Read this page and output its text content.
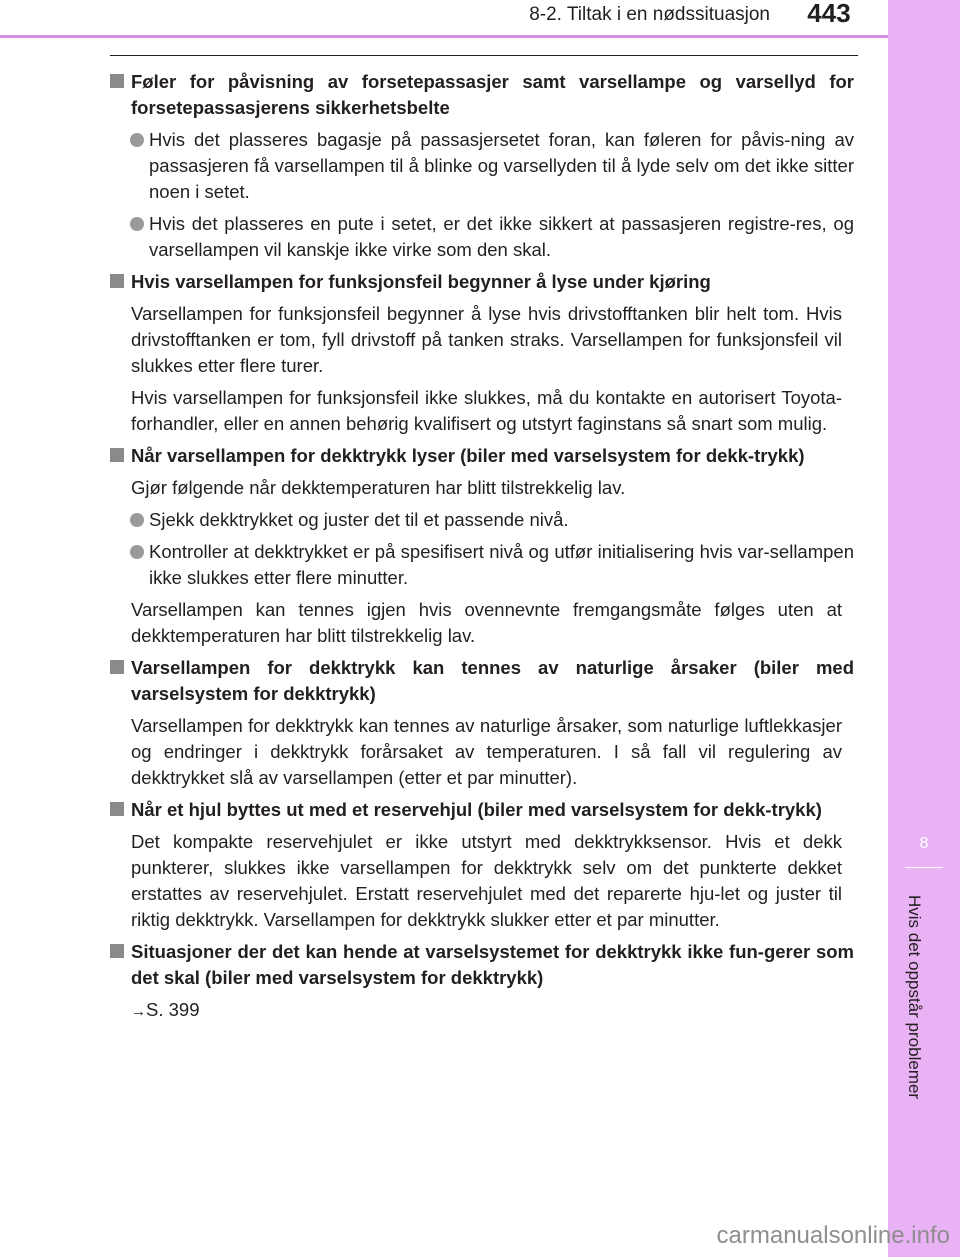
8
Hvis det oppstår problemer
8-2. Tiltak i en nødssituasjon	443
Føler for påvisning av forsetepassasjer samt varsellampe og varsellyd for forsetepassasjerens sikkerhetsbelte
Hvis det plasseres bagasje på passasjersetet foran, kan føleren for påvis-ning av passasjeren få varsellampen til å blinke og varsellyden til å lyde selv om det ikke sitter noen i setet.
Hvis det plasseres en pute i setet, er det ikke sikkert at passasjeren registre-res, og varsellampen vil kanskje ikke virke som den skal.
Hvis varsellampen for funksjonsfeil begynner å lyse under kjøring
Varsellampen for funksjonsfeil begynner å lyse hvis drivstofftanken blir helt tom. Hvis drivstofftanken er tom, fyll drivstoff på tanken straks. Varsellampen for funksjonsfeil vil slukkes etter flere turer.
Hvis varsellampen for funksjonsfeil ikke slukkes, må du kontakte en autorisert Toyota-forhandler, eller en annen behørig kvalifisert og utstyrt faginstans så snart som mulig.
Når varsellampen for dekktrykk lyser (biler med varselsystem for dekk-trykk)
Gjør følgende når dekktemperaturen har blitt tilstrekkelig lav.
Sjekk dekktrykket og juster det til et passende nivå.
Kontroller at dekktrykket er på spesifisert nivå og utfør initialisering hvis var-sellampen ikke slukkes etter flere minutter.
Varsellampen kan tennes igjen hvis ovennevnte fremgangsmåte følges uten at dekktemperaturen har blitt tilstrekkelig lav.
Varsellampen for dekktrykk kan tennes av naturlige årsaker (biler med varselsystem for dekktrykk)
Varsellampen for dekktrykk kan tennes av naturlige årsaker, som naturlige luftlekkasjer og endringer i dekktrykk forårsaket av temperaturen. I så fall vil regulering av dekktrykket slå av varsellampen (etter et par minutter).
Når et hjul byttes ut med et reservehjul (biler med varselsystem for dekk-trykk)
Det kompakte reservehjulet er ikke utstyrt med dekktrykksensor. Hvis et dekk punkterer, slukkes ikke varsellampen for dekktrykk selv om det punkterte dekket erstattes av reservehjulet. Erstatt reservehjulet med det reparerte hju-let og juster til riktig dekktrykk. Varsellampen for dekktrykk slukker etter et par minutter.
Situasjoner der det kan hende at varselsystemet for dekktrykk ikke fun-gerer som det skal (biler med varselsystem for dekktrykk)
→S. 399
carmanualsonline.info
